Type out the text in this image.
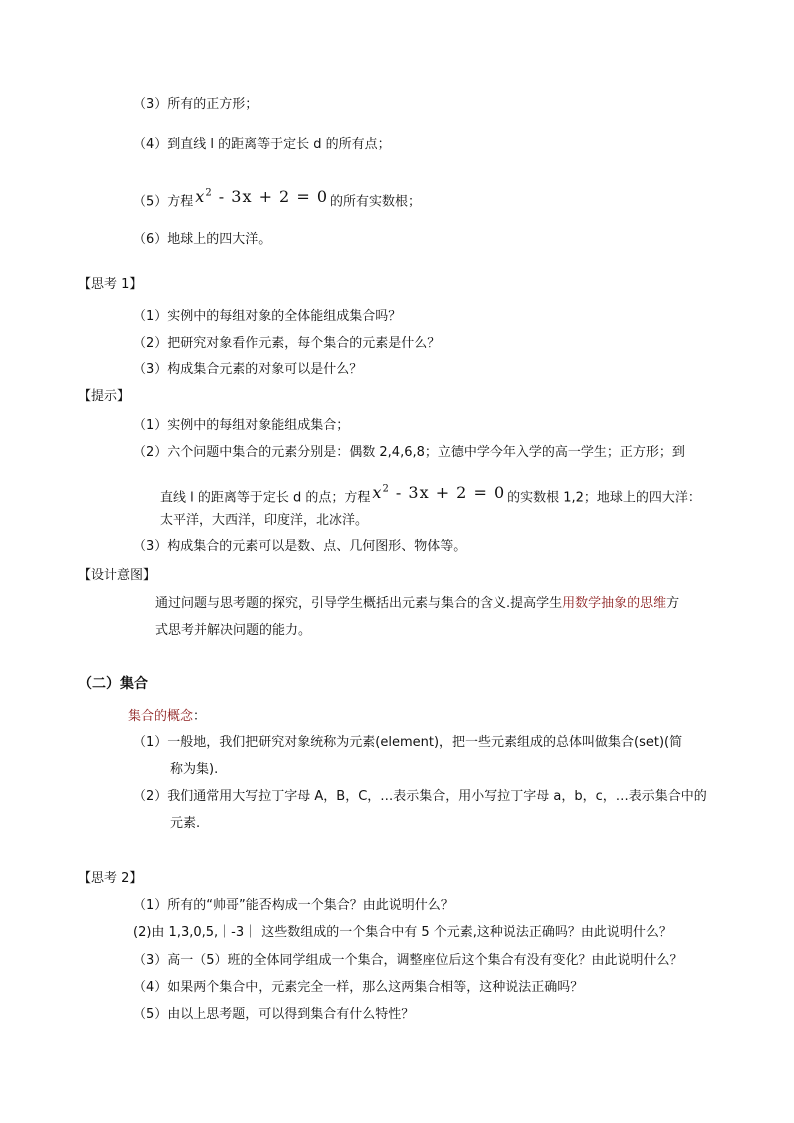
（3）所有的正方形；
（4）到直线 l 的距离等于定长 d 的所有点；
（5）方程 $x^2 - 3x + 2 = 0$ 的所有实数根；
（6）地球上的四大洋。
【思考 1】
（1）实例中的每组对象的全体能组成集合吗？
（2）把研究对象看作元素，每个集合的元素是什么？
（3）构成集合元素的对象可以是什么？
【提示】
（1）实例中的每组对象能组成集合；
（2）六个问题中集合的元素分别是：偶数 2,4,6,8；立德中学今年入学的高一学生；正方形；到
直线 l 的距离等于定长 d 的点；方程 $x^2 - 3x + 2 = 0$ 的实数根 1,2；地球上的四大洋：
太平洋，大西洋，印度洋，北冰洋。
（3）构成集合的元素可以是数、点、几何图形、物体等。
【设计意图】
通过问题与思考题的探究，引导学生概括出元素与集合的含义.提高学生用数学抽象的思维方
式思考并解决问题的能力。
（二）集合
集合的概念：
（1）一般地，我们把研究对象统称为元素(element)，把一些元素组成的总体叫做集合(set)(简
称为集).
（2）我们通常用大写拉丁字母 A，B，C，…表示集合，用小写拉丁字母 a，b，c，…表示集合中的
元素.
【思考 2】
（1）所有的“帅哥”能否构成一个集合？由此说明什么？
(2)由 1,3,0,5,｜-3｜ 这些数组成的一个集合中有 5 个元素,这种说法正确吗？由此说明什么？
（3）高一（5）班的全体同学组成一个集合，调整座位后这个集合有没有变化？由此说明什么？
（4）如果两个集合中，元素完全一样，那么这两集合相等，这种说法正确吗？
（5）由以上思考题，可以得到集合有什么特性？
